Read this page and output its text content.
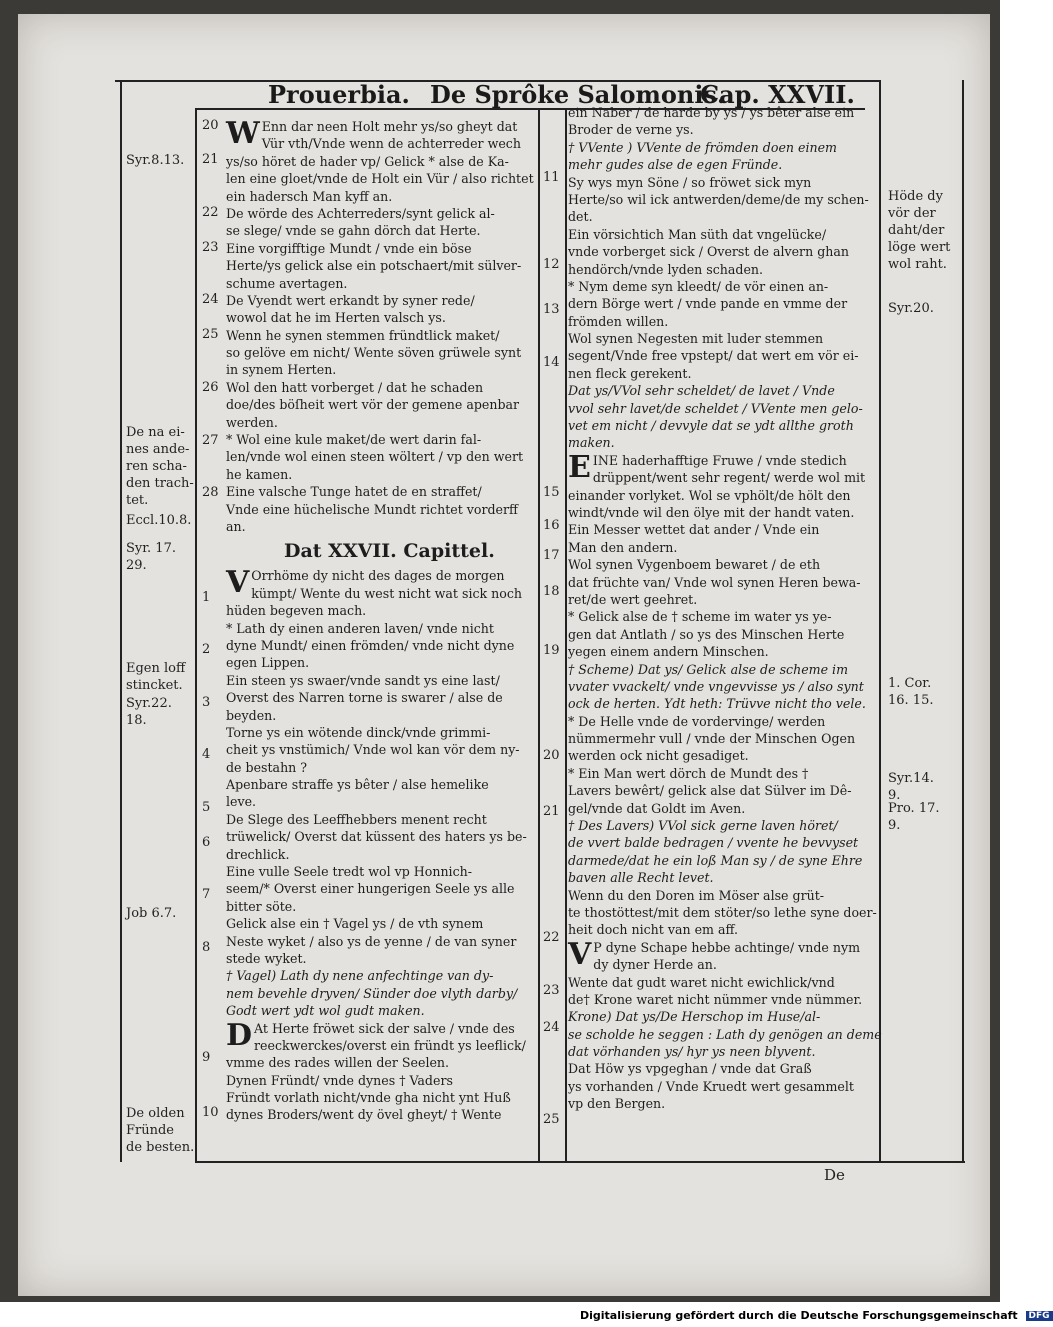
Prouerbia. De Sprôke Salomonis.
Cap. XXVII.
W Enn dar neen Holt mehr ys/so gheyt dat
Vür vth/Vnde wenn de achterreder wech
ys/so höret de hader vp/ Gelick * alse de Ka-
len eine gloet/vnde de Holt ein Vür / also richtet
ein hadersch Man kyff an.
De wörde des Achterreders/synt gelick al-
se slege/ vnde se gahn dörch dat Herte.
Eine vorgifftige Mundt / vnde ein böse
Herte/ys gelick alse ein potschaert/mit sülver-
schume avertagen.
De Vyendt wert erkandt by syner rede/
wowol dat he im Herten valsch ys.
Wenn he synen stemmen fründtlick maket/
so gelöve em nicht/ Wente söven grüwele synt
in synem Herten.
Wol den hatt vorberget / dat he schaden
doe/des böſheit wert vör der gemene apenbar
werden.
* Wol eine kule maket/de wert darin fal-
len/vnde wol einen steen wöltert / vp den wert
he kamen.
Eine valsche Tunge hatet de en straffet/
Vnde eine hüchelische Mundt richtet vorderff
an.
Dat XXVII. Capittel.
V Orrhöme dy nicht des dages de morgen
kümpt/ Wente du west nicht wat sick noch
hüden begeven mach.
* Lath dy einen anderen laven/ vnde nicht
dyne Mundt/ einen frömden/ vnde nicht dyne
egen Lippen.
Ein steen ys swaer/vnde sandt ys eine last/
Overst des Narren torne is swarer / alse de
beyden.
Torne ys ein wötende dinck/vnde grimmi-
cheit ys vnstümich/ Vnde wol kan vör dem ny-
de bestahn ?
Apenbare straffe ys bêter / alse hemelike
leve.
De Slege des Leeffhebbers menent recht
trüwelick/ Overst dat küssent des haters ys be-
drechlick.
Eine vulle Seele tredt wol vp Honnich-
seem/* Overst einer hungerigen Seele ys alle
bitter söte.
Gelick alse ein † Vagel ys / de vth synem
Neste wyket / also ys de yenne / de van syner
stede wyket.
† Vagel) Lath dy nene anfechtinge van dy-
nem bevehle dryven/ Sünder doe vlyth darby/
Godt wert ydt wol gudt maken.
D At Herte fröwet sick der salve / vnde des
reeckwerckes/overst ein fründt ys leeflick/
vmme des rades willen der Seelen.
Dynen Fründt/ vnde dynes † Vaders
Fründt vorlath nicht/vnde gha nicht ynt Huß
dynes Broders/went dy övel gheyt/ † Wente
ein Naber / de harde by ys / ys bêter alse ein
Broder de verne ys.
† VVente ) VVente de frömden doen einem
mehr gudes alse de egen Fründe.
Sy wys myn Söne / so fröwet sick myn
Herte/so wil ick antwerden/deme/de my schen-
det.
Ein vörsichtich Man süth dat vngelücke/
vnde vorberget sick / Overst de alvern ghan
hendörch/vnde lyden schaden.
* Nym deme syn kleedt/ de vör einen an-
dern Börge wert / vnde pande en vmme der
frömden willen.
Wol synen Negesten mit luder stemmen
segent/Vnde free vpstept/ dat wert em vör ei-
nen fleck gerekent.
Dat ys/VVol sehr scheldet/ de lavet / Vnde
vvol sehr lavet/de scheldet / VVente men gelo-
vet em nicht / devvyle dat se ydt allthe groth
maken.
EINE haderhafftige Fruwe / vnde stedich
drüppent/went sehr regent/ werde wol mit
einander vorlyket. Wol se vphölt/de hölt den
windt/vnde wil den ölye mit der handt vaten.
Ein Messer wettet dat ander / Vnde ein
Man den andern.
Wol synen Vygenboem bewaret / de eth
dat früchte van/ Vnde wol synen Heren bewa-
ret/de wert geehret.
* Gelick alse de † scheme im water ys ye-
gen dat Antlath / so ys des Minschen Herte
yegen einem andern Minschen.
† Scheme) Dat ys/ Gelick alse de scheme im
vvater vvackelt/ vnde vngevvisse ys / also synt
ock de herten. Ydt heth: Trüvve nicht tho vele.
* De Helle vnde de vordervinge/ werden
nümmermehr vull / vnde der Minschen Ogen
werden ock nicht gesadiget.
* Ein Man wert dörch de Mundt des †
Lavers bewêrt/ gelick alse dat Sülver im Dê-
gel/vnde dat Goldt im Aven.
† Des Lavers) VVol sick gerne laven höret/
de vvert balde bedragen / vvente he bevvyset
darmede/dat he ein loß Man sy / de syne Ehre
baven alle Recht levet.
Wenn du den Doren im Möser alse grüt-
te thostöttest/mit dem stöter/so lethe syne doer-
heit doch nicht van em aff.
V P dyne Schape hebbe achtinge/ vnde nym
dy dyner Herde an.
Wente dat gudt waret nicht ewichlick/vnd
de† Krone waret nicht nümmer vnde nümmer.
Krone) Dat ys/De Herschop im Huse/al-
se scholde he seggen : Lath dy genögen an deme
dat vörhanden ys/ hyr ys neen blyvent.
Dat Höw ys vpgeghan / vnde dat Graß
ys vorhanden / Vnde Kruedt wert gesammelt
vp den Bergen.
20
21
22
23
24
25
26
27
28
1
2
3
4
5
6
7
8
9
10
11
12
13
14
15
16
17
18
19
20
21
22
23
24
25
Syr.8.13.
De na ei-
nes ande-
ren scha-
den trach-
tet.
Eccl.10.8.
Syr. 17.
29.
Egen loff
stincket.
Syr.22.
18.
Job 6.7.
De olden
Fründe
de besten.
Höde dy
vör der
daht/der
löge wert
wol raht.
Syr.20.
1. Cor.
16. 15.
Syr.14.
9.
Pro. 17.
9.
De
Digitalisierung gefördert durch die Deutsche Forschungsgemeinschaft DFG
